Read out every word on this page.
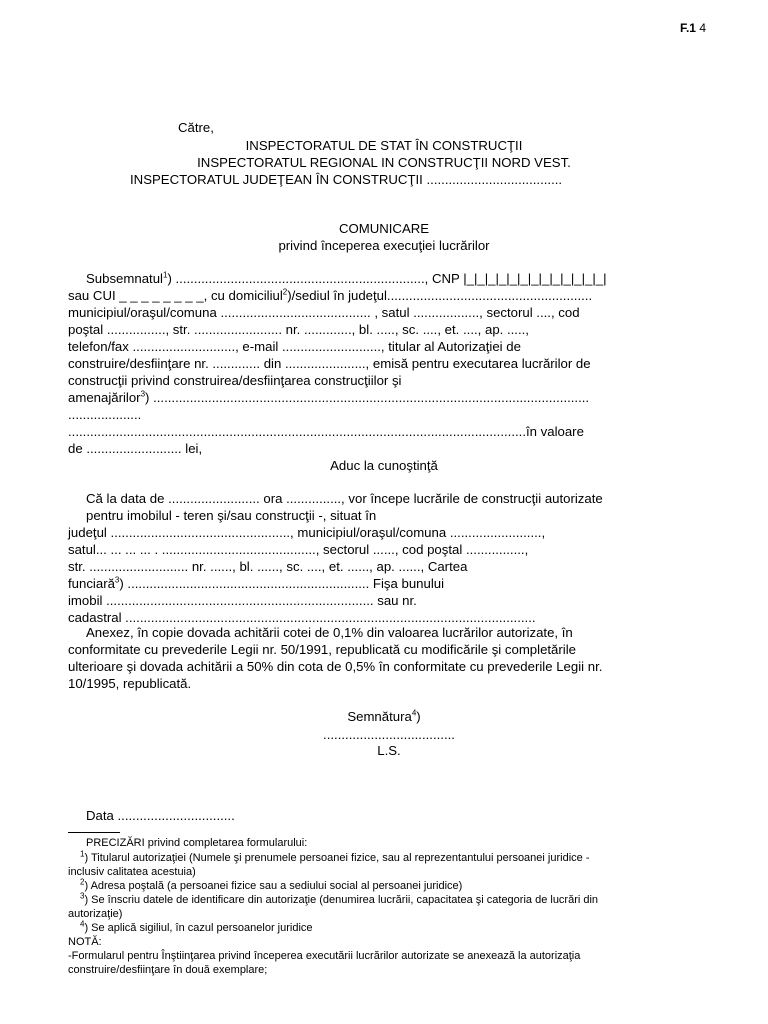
F.1 4
Către,
INSPECTORATUL DE STAT ÎN CONSTRUCŢII
INSPECTORATUL REGIONAL IN CONSTRUCŢII NORD VEST.
INSPECTORATUL JUDEŢEAN ÎN CONSTRUCŢII .....................................
COMUNICARE
privind începerea execuţiei lucrărilor
Subsemnatul$^1$) ...................................................................., CNP |_|_|_|_|_|_|_|_|_|_|_|_|_|
sau CUI _ _ _ _ _ _ _ _, cu domiciliul$^2$)/sediul în judeţul........................................................
municipiul/oraşul/comuna ......................................... , satul .................., sectorul ...., cod
poştal ................, str. ........................ nr. ............., bl. ....., sc. ...., et. ...., ap. .....,
telefon/fax ............................, e-mail ..........................., titular al Autorizaţiei de
construire/desfiinţare nr. ............. din ......................, emisă pentru executarea lucrărilor de
construcţii privind construirea/desfiinţarea construcţiilor şi
amenajărilor$^3$) .......................................................................................................................
....................
.............................................................................................................................în valoare
de .......................... lei,
Aduc la cunoştinţă
Că la data de ......................... ora ..............., vor începe lucrările de construcţii autorizate
pentru imobilul - teren şi/sau construcţii -, situat în
judeţul ................................................., municipiul/oraşul/comuna .........................,
satul... ... ... ... . .........................................., sectorul ......, cod poştal ................,
str. ........................... nr. ......, bl. ......, sc. ...., et. ......, ap. ......, Cartea
funciară$^3$) .................................................................. Fişa bunului
imobil ......................................................................... sau nr.
cadastral ................................................................................................................
Anexez, în copie dovada achitării cotei de 0,1% din valoarea lucrărilor autorizate, în
conformitate cu prevederile Legii nr. 50/1991, republicată cu modificările şi completările
ulterioare şi dovada achitării a 50% din cota de 0,5% în conformitate cu prevederile Legii nr.
10/1995, republicată.
Semnătura$^4$)
....................................
L.S.
Data ................................
PRECIZĂRI privind completarea formularului:
$^1$) Titularul autorizaţiei (Numele şi prenumele persoanei fizice, sau al reprezentantului persoanei juridice -
inclusiv calitatea acestuia)
$^2$) Adresa poştală (a persoanei fizice sau a sediului social al persoanei juridice)
$^3$) Se înscriu datele de identificare din autorizaţie (denumirea lucrării, capacitatea şi categoria de lucrări din
autorizaţie)
$^4$) Se aplică sigiliul, în cazul persoanelor juridice
NOTĂ:
-Formularul pentru Înştiinţarea privind începerea executării lucrărilor autorizate se anexează la autorizaţia
construire/desfiinţare în două exemplare;
